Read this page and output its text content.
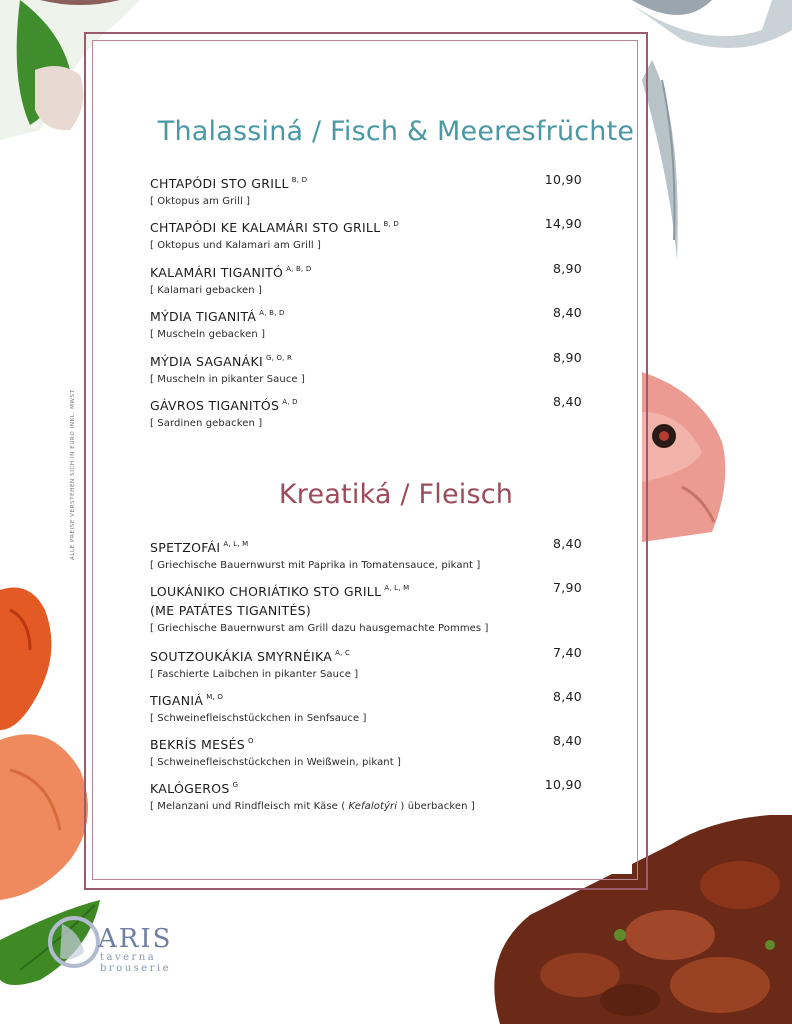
Thalassiná / Fisch & Meeresfrüchte
CHTAPÓDI STO GRILL $^{B, D}$
[ Oktopus am Grill ]
10,90
CHTAPÓDI KE KALAMÁRI STO GRILL $^{B, D}$
[ Oktopus und Kalamari am Grill ]
14,90
KALAMÁRI TIGANITÓ $^{A, B, D}$
[ Kalamari gebacken ]
8,90
MÝDIA TIGANITÁ $^{A, B, D}$
[ Muscheln gebacken ]
8,40
MÝDIA SAGANÁKI $^{G, O, R}$
[ Muscheln in pikanter Sauce ]
8,90
GÁVROS TIGANITÓS $^{A, D}$
[ Sardinen gebacken ]
8,40
Kreatiká / Fleisch
SPETZOFÁI $^{A, L, M}$
[ Griechische Bauernwurst mit Paprika in Tomatensauce, pikant ]
8,40
LOUKÁNIKO CHORIÁTIKO STO GRILL $^{A, L, M}$
(ME PATÁTES TIGANITÉS)
[ Griechische Bauernwurst am Grill dazu hausgemachte Pommes ]
7,90
SOUTZOUKÁKIA SMYRNÉIKA $^{A, C}$
[ Faschierte Laibchen in pikanter Sauce ]
7,40
TIGANIÁ $^{M, O}$
[ Schweinefleischstückchen in Senfsauce ]
8,40
BEKRÍS MESÉS $^O$
[ Schweinefleischstückchen in Weißwein, pikant ]
8,40
KALÓGEROS $^G$
[ Melanzani und Rindfleisch mit Käse ( Kefalotýri ) überbacken ]
10,90
ALLE PREISE VERSTEHEN SICH IN EURO INKL. MWST.
ARIS
taverna brouserie
